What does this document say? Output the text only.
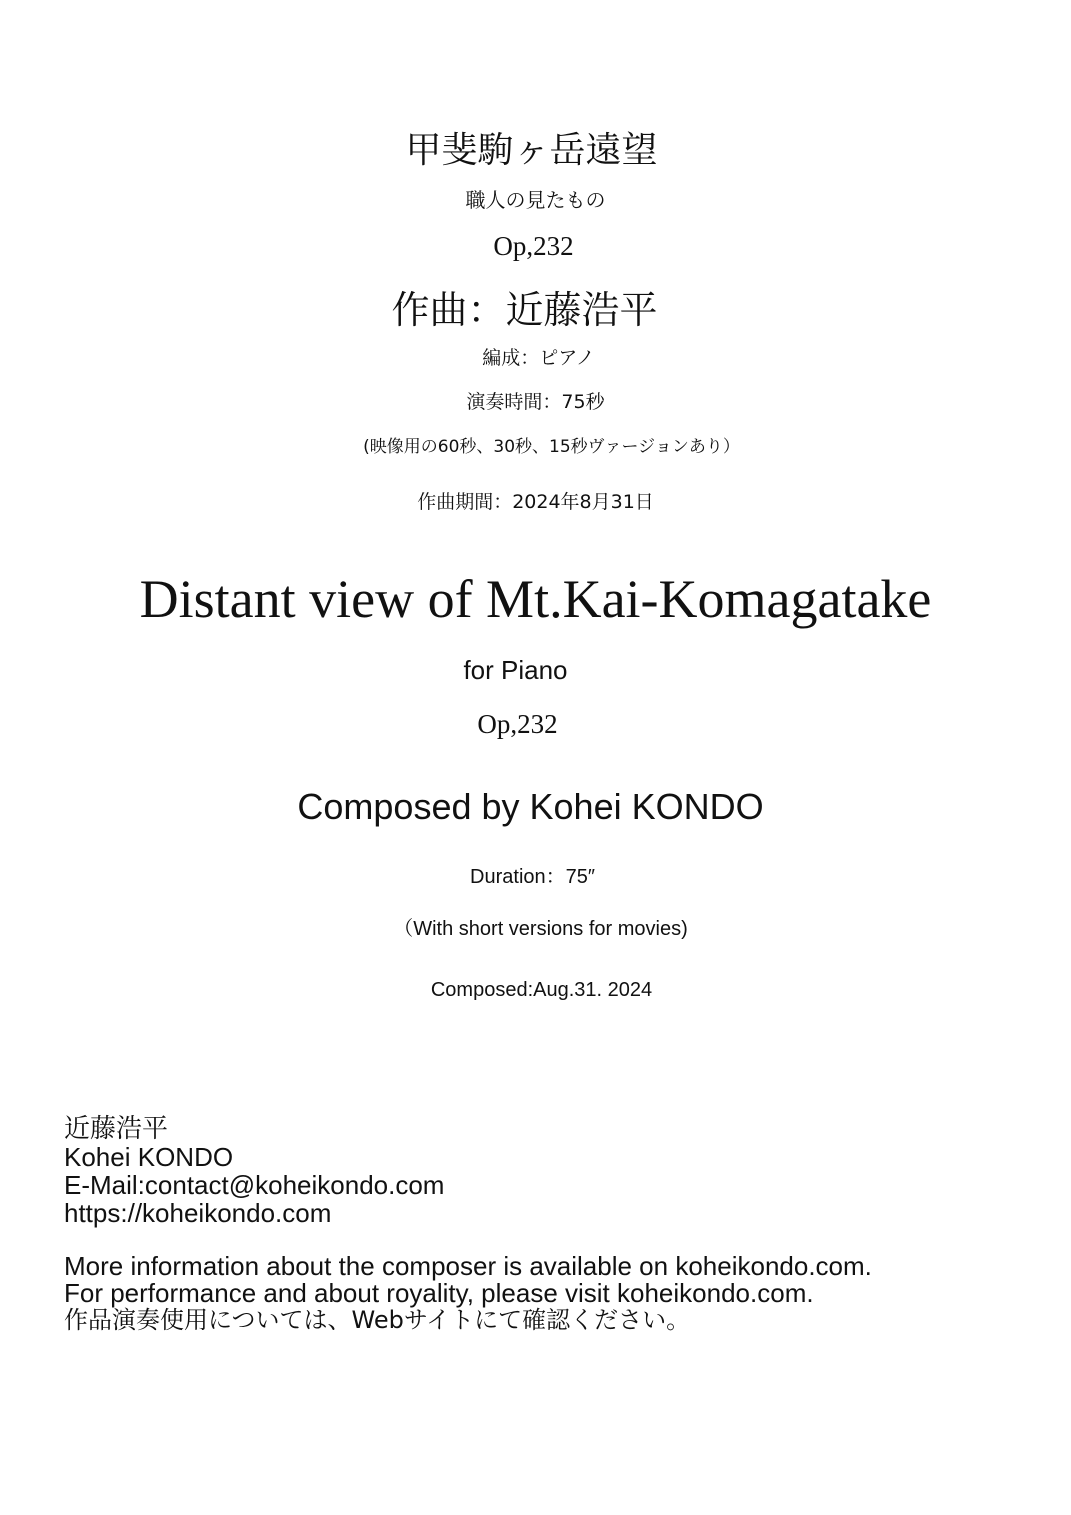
甲斐駒ヶ岳遠望
職人の見たもの
Op,232
作曲：近藤浩平
編成：ピアノ
演奏時間：75秒
(映像用の60秒、30秒、15秒ヴァージョンあり）
作曲期間：2024年8月31日
Distant view of Mt.Kai-Komagatake
for Piano
Op,232
Composed by Kohei KONDO
Duration：75″
（With short versions for movies)
Composed:Aug.31. 2024
近藤浩平
Kohei KONDO
E-Mail:contact@koheikondo.com
https://koheikondo.com
More information about the composer is available on koheikondo.com.
For performance and about royality, please visit koheikondo.com.
作品演奏使用については、Webサイトにて確認ください。
